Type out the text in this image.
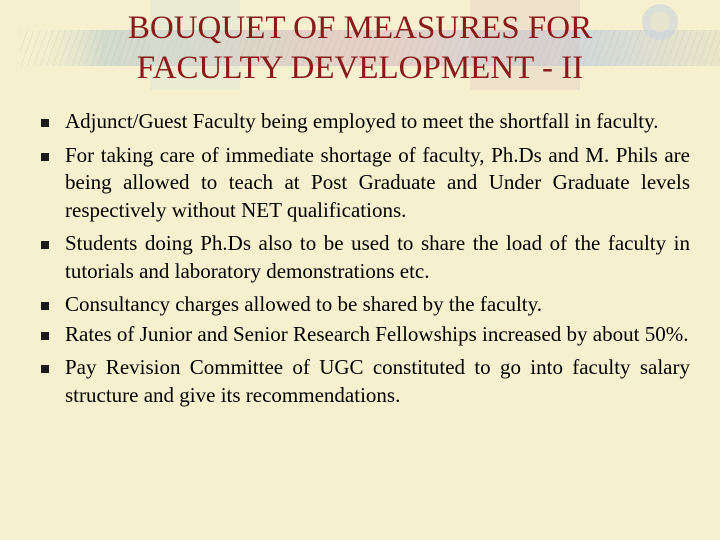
BOUQUET OF MEASURES FOR
FACULTY DEVELOPMENT - II
Adjunct/Guest Faculty being employed to meet the shortfall in faculty.
For taking care of immediate shortage of faculty, Ph.Ds and M. Phils are being allowed to teach at Post Graduate and Under Graduate levels respectively without NET qualifications.
Students doing Ph.Ds also to be used to share the load of the faculty in tutorials and laboratory demonstrations etc.
Consultancy charges allowed to be shared by the faculty.
Rates of Junior and Senior Research Fellowships increased by about 50%.
Pay Revision Committee of UGC constituted to go into faculty salary structure and give its recommendations.
